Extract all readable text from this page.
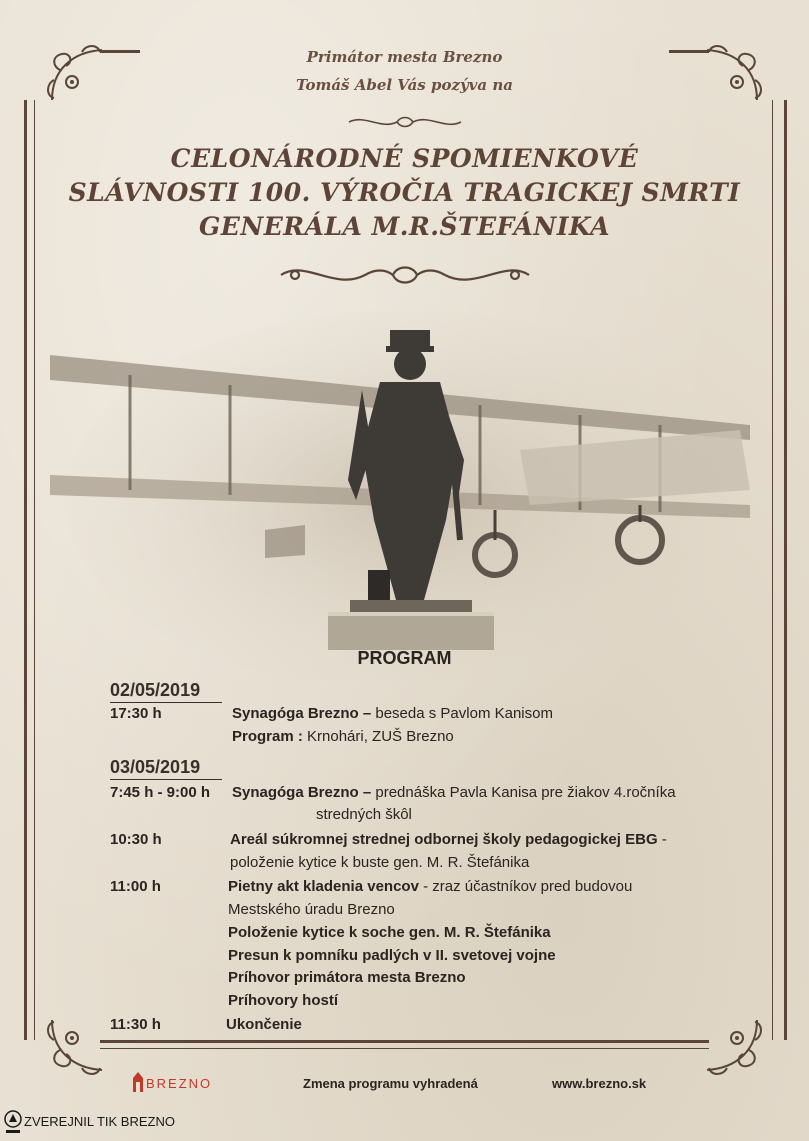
Primátor mesta Brezno
Tomáš Abel Vás pozýva na
CELONÁRODNÉ SPOMIENKOVÉ
SLÁVNOSTI 100. VÝROČIA TRAGICKEJ SMRTI
GENERÁLA M.R.ŠTEFÁNIKA
PROGRAM
02/05/2019
17:30 h	Synagóga Brezno – beseda s Pavlom Kanisom
Program : Krnohári, ZUŠ Brezno
03/05/2019
7:45 h - 9:00 h Synagóga Brezno – prednáška Pavla Kanisa pre žiakov 4.ročníka
stredných škôl
10:30 h	Areál súkromnej strednej odbornej školy pedagogickej EBG -
položenie kytice k buste gen. M. R. Štefánika
11:00 h	Pietny akt kladenia vencov - zraz účastníkov pred budovou
Mestského úradu Brezno
Položenie kytice k soche gen. M. R. Štefánika
Presun k pomníku padlých v II. svetovej vojne
Príhovor primátora mesta Brezno
Príhovory hostí
11:30 h	Ukončenie
BREZNO	Zmena programu vyhradená	www.brezno.sk
ZVEREJNIL TIK BREZNO
